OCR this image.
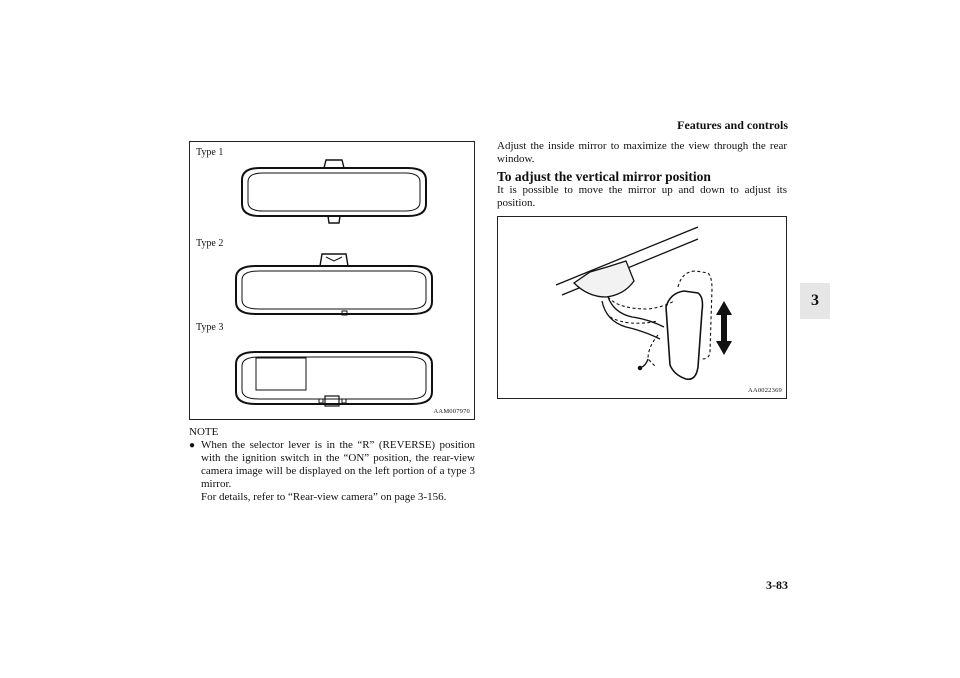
Features and controls
3
Type 1
Type 2
Type 3
AAM007970
NOTE
● When the selector lever is in the “R” (REVERSE) position with the ignition switch in the “ON” position, the rear-view camera image will be displayed on the left portion of a type 3 mirror.

For details, refer to “Rear-view camera” on page 3-156.

Adjust the inside mirror to maximize the view through the rear window.
To adjust the vertical mirror position
It is possible to move the mirror up and down to adjust its position.
AA0022369
3-83
